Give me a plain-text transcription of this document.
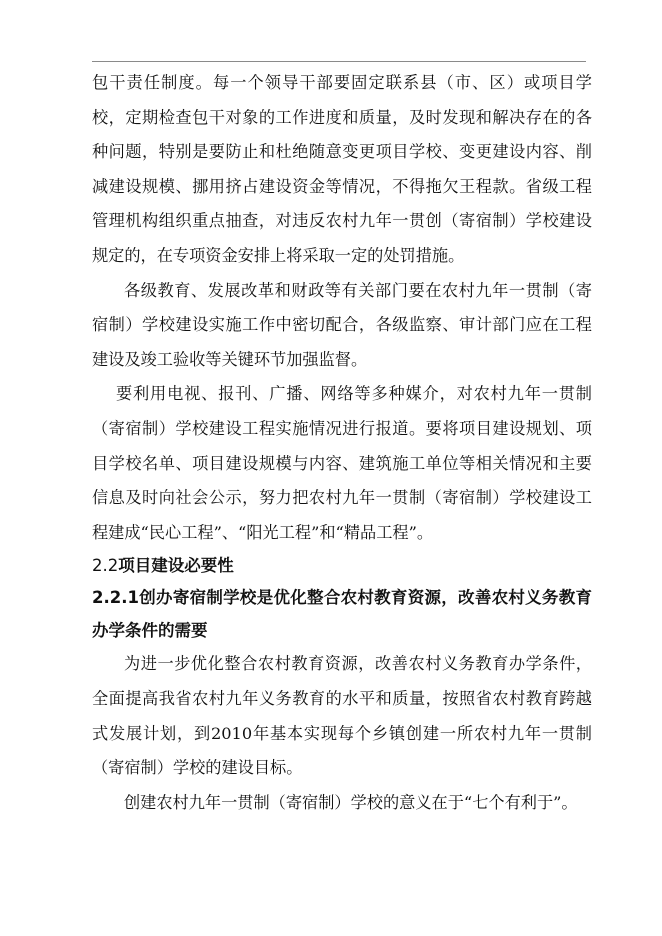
包干责任制度。每一个领导干部要固定联系县（市、区）或项目学校，定期检查包干对象的工作进度和质量，及时发现和解决存在的各种问题，特别是要防止和杜绝随意变更项目学校、变更建设内容、削减建设规模、挪用挤占建设资金等情况，不得拖欠王程款。省级工程管理机构组织重点抽查，对违反农村九年一贯创（寄宿制）学校建设规定的，在专项资金安排上将采取一定的处罚措施。

各级教育、发展改革和财政等有关部门要在农村九年一贯制（寄宿制）学校建设实施工作中密切配合，各级监察、审计部门应在工程建设及竣工验收等关键环节加强监督。

要利用电视、报刊、广播、网络等多种媒介，对农村九年一贯制（寄宿制）学校建设工程实施情况进行报道。要将项目建设规划、项目学校名单、项目建设规模与内容、建筑施工单位等相关情况和主要信息及时向社会公示，努力把农村九年一贯制（寄宿制）学校建设工程建成“民心工程”、“阳光工程”和“精品工程”。

2.2项目建设必要性

2.2.1创办寄宿制学校是优化整合农村教育资源，改善农村义务教育办学条件的需要

为进一步优化整合农村教育资源，改善农村义务教育办学条件，全面提高我省农村九年义务教育的水平和质量，按照省农村教育跨越式发展计划，到2010年基本实现每个乡镇创建一所农村九年一贯制（寄宿制）学校的建设目标。

创建农村九年一贯制（寄宿制）学校的意义在于“七个有利于”。
